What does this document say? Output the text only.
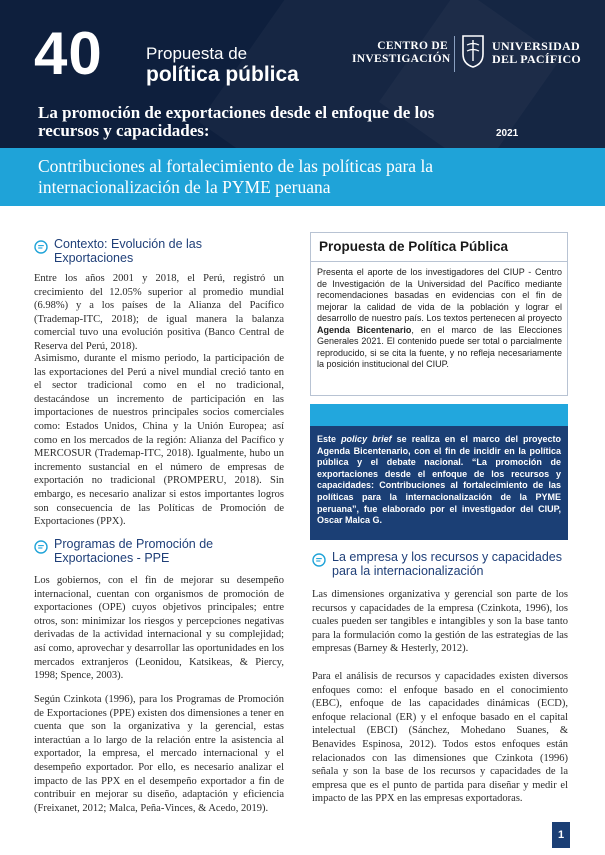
40	Propuesta de
política pública
CENTRO DE
INVESTIGACIÓN
UNIVERSIDAD
DEL PACÍFICO
La promoción de exportaciones desde el enfoque de los recursos y capacidades:	2021
Contribuciones al fortalecimiento de las políticas para la internacionalización de la PYME peruana
Contexto: Evolución de las Exportaciones
Entre los años 2001 y 2018, el Perú, registró un crecimiento del 12.05% superior al promedio mundial (6.98%) y a los países de la Alianza del Pacífico (Trademap-ITC, 2018); de igual manera la balanza comercial tuvo una evolución positiva (Banco Central de Reserva del Perú, 2018).
Asimismo, durante el mismo periodo, la participación de las exportaciones del Perú a nivel mundial creció tanto en el sector tradicional como en el no tradicional, destacándose un incremento de participación en las importaciones de nuestros principales socios comerciales como: Estados Unidos, China y la Unión Europea; así como en los mercados de la región: Alianza del Pacífico y MERCOSUR (Trademap-ITC, 2018). Igualmente, hubo un incremento sustancial en el número de empresas de exportación no tradicional (PROMPERU, 2018). Sin embargo, es necesario analizar si estos importantes logros son consecuencia de las Políticas de Promoción de Exportaciones (PPX).
Programas de Promoción de Exportaciones - PPE
Los gobiernos, con el fin de mejorar su desempeño internacional, cuentan con organismos de promoción de exportaciones (OPE) cuyos objetivos principales; entre otros, son: minimizar los riesgos y percepciones negativas derivadas de la actividad internacional y su complejidad; así como, aprovechar y desarrollar las oportunidades en los mercados extranjeros (Leonidou, Katsikeas, & Piercy, 1998; Spence, 2003).
Según Czinkota (1996), para los Programas de Promoción de Exportaciones (PPE) existen dos dimensiones a tener en cuenta que son la organizativa y la gerencial, estas interactúan a lo largo de la relación entre la asistencia al exportador, la empresa, el mercado internacional y el desempeño exportador. Por ello, es necesario analizar el impacto de las PPX en el desempeño exportador a fin de contribuir en mejorar su diseño, adaptación y eficiencia (Freixanet, 2012; Malca, Peña-Vinces, & Acedo, 2019).
Propuesta de Política Pública
Presenta el aporte de los investigadores del CIUP - Centro de Investigación de la Universidad del Pacífico mediante recomendaciones basadas en evidencias con el fin de mejorar la calidad de vida de la población y lograr el desarrollo de nuestro país. Los textos pertenecen al proyecto Agenda Bicentenario, en el marco de las Elecciones Generales 2021. El contenido puede ser total o parcialmente reproducido, si se cita la fuente, y no refleja necesariamente la posición institucional del CIUP.
Este policy brief se realiza en el marco del proyecto Agenda Bicentenario, con el fin de incidir en la política pública y el debate nacional. “La promoción de exportaciones desde el enfoque de los recursos y capacidades: Contribuciones al fortalecimiento de las políticas para la internacionalización de la PYME peruana”, fue elaborado por el investigador del CIUP, Oscar Malca G.
La empresa y los recursos y capacidades para la internacionalización
Las dimensiones organizativa y gerencial son parte de los recursos y capacidades de la empresa (Czinkota, 1996), los cuales pueden ser tangibles e intangibles y son la base tanto para la formulación como la gestión de las estrategias de las empresas (Barney & Hesterly, 2012).
Para el análisis de recursos y capacidades existen diversos enfoques como: el enfoque basado en el conocimiento (EBC), enfoque de las capacidades dinámicas (ECD), enfoque relacional (ER) y el enfoque basado en el capital intelectual (EBCI) (Sánchez, Mohedano Suanes, & Benavides Espinosa, 2012). Todos estos enfoques están relacionados con las dimensiones que Czinkota (1996) señala y son la base de los recursos y capacidades de la empresa que es el punto de partida para diseñar y medir el impacto de las PPX en las empresas exportadoras.
1
